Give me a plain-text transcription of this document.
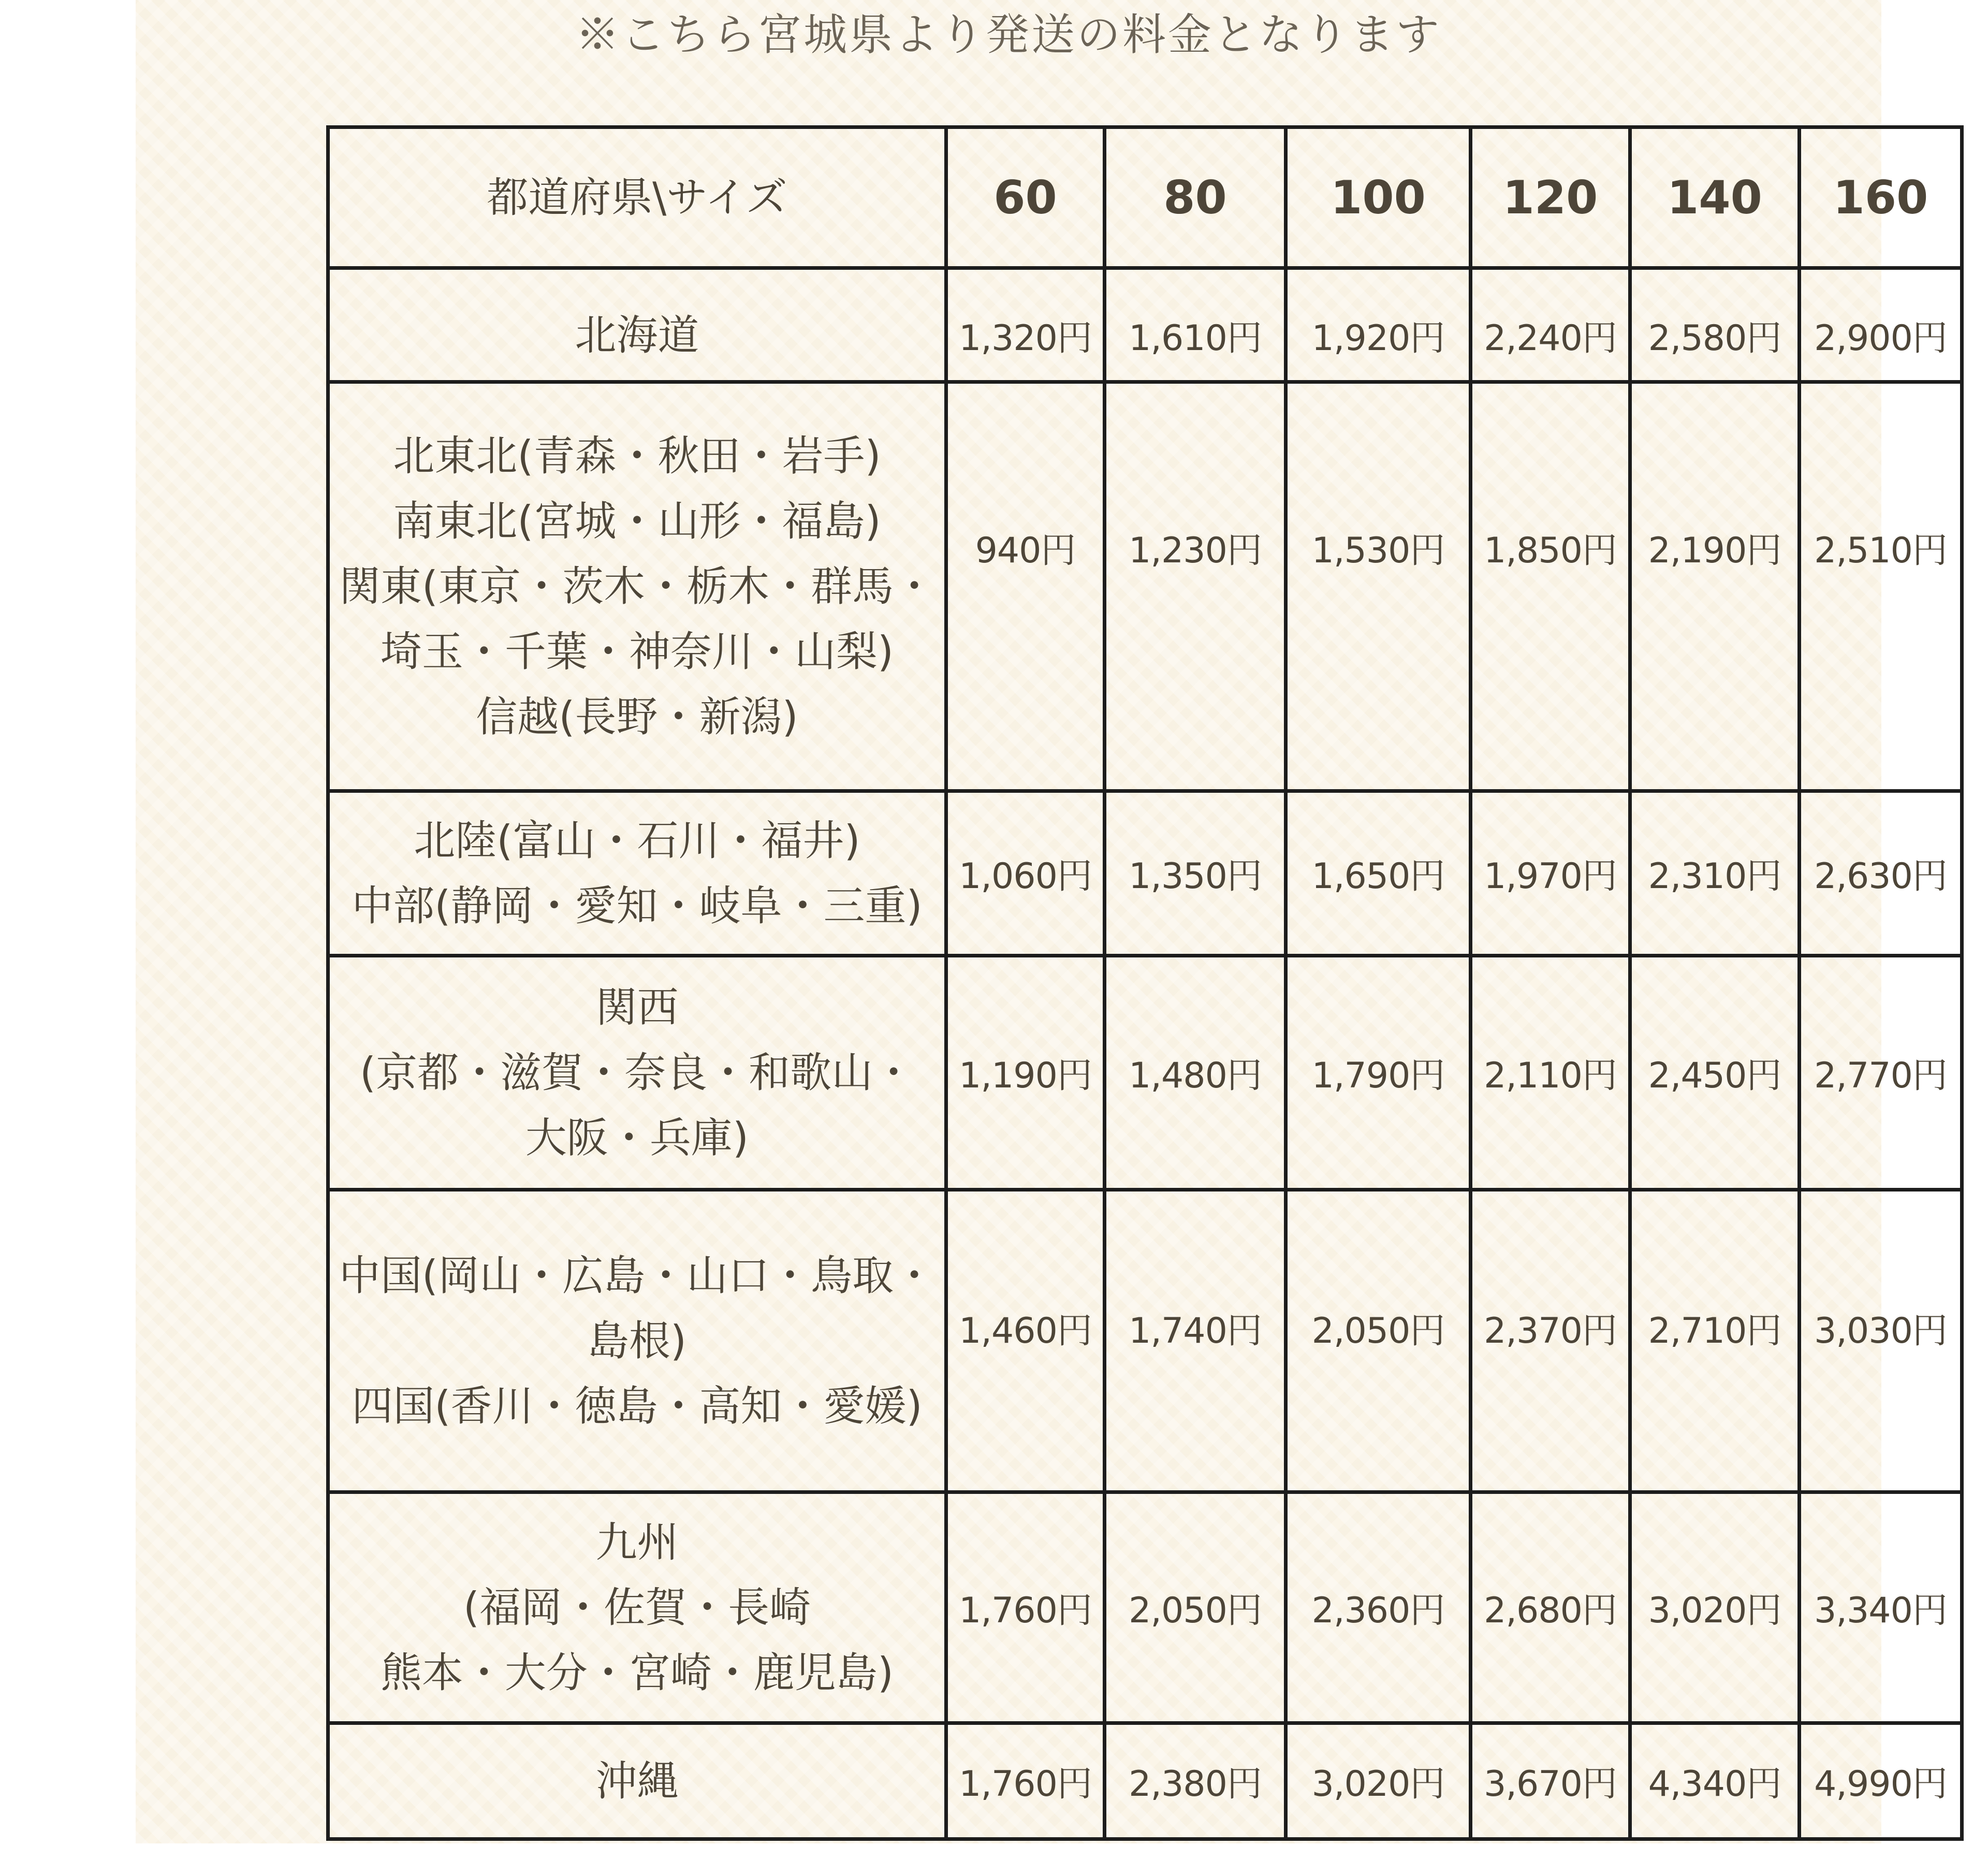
※こちら宮城県より発送の料金となります
都道府県\サイズ	60	80	100	120	140	160

北海道	1,320円	1,610円	1,920円	2,240円	2,580円	2,900円

北東北(青森・秋田・岩手)
南東北(宮城・山形・福島)
関東(東京・茨木・栃木・群馬・
埼玉・千葉・神奈川・山梨)
信越(長野・新潟)	940円	1,230円	1,530円	1,850円	2,190円	2,510円

北陸(富山・石川・福井)
中部(静岡・愛知・岐阜・三重)	1,060円	1,350円	1,650円	1,970円	2,310円	2,630円

関西
(京都・滋賀・奈良・和歌山・
大阪・兵庫)	1,190円	1,480円	1,790円	2,110円	2,450円	2,770円

中国(岡山・広島・山口・鳥取・
島根)
四国(香川・徳島・高知・愛媛)	1,460円	1,740円	2,050円	2,370円	2,710円	3,030円

九州
(福岡・佐賀・長崎
熊本・大分・宮崎・鹿児島)	1,760円	2,050円	2,360円	2,680円	3,020円	3,340円

沖縄	1,760円	2,380円	3,020円	3,670円	4,340円	4,990円
